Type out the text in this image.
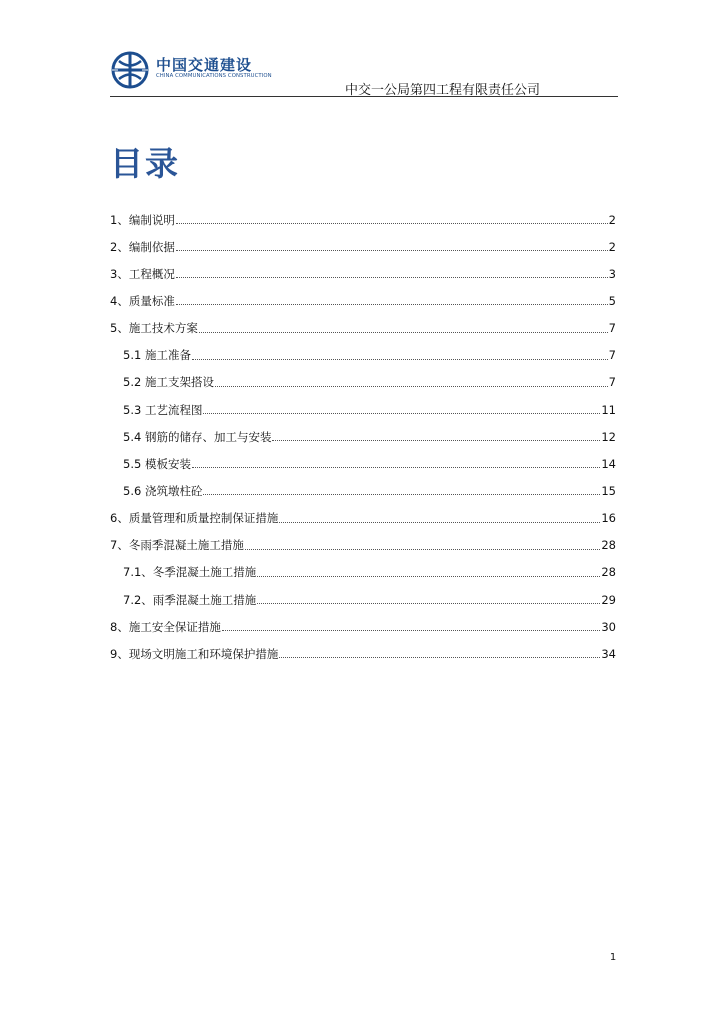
中国交通建设
CHINA COMMUNICATIONS CONSTRUCTION
中交一公局第四工程有限责任公司
目录
1、编制说明	2
2、编制依据	2
3、工程概况	3
4、质量标准	5
5、施工技术方案	7
5.1 施工准备	7
5.2 施工支架搭设	7
5.3 工艺流程图	11
5.4 钢筋的储存、加工与安装	12
5.5 模板安装	14
5.6 浇筑墩柱砼	15
6、质量管理和质量控制保证措施	16
7、冬雨季混凝土施工措施	28
7.1、冬季混凝土施工措施	28
7.2、雨季混凝土施工措施	29
8、施工安全保证措施	30
9、现场文明施工和环境保护措施	34
1
